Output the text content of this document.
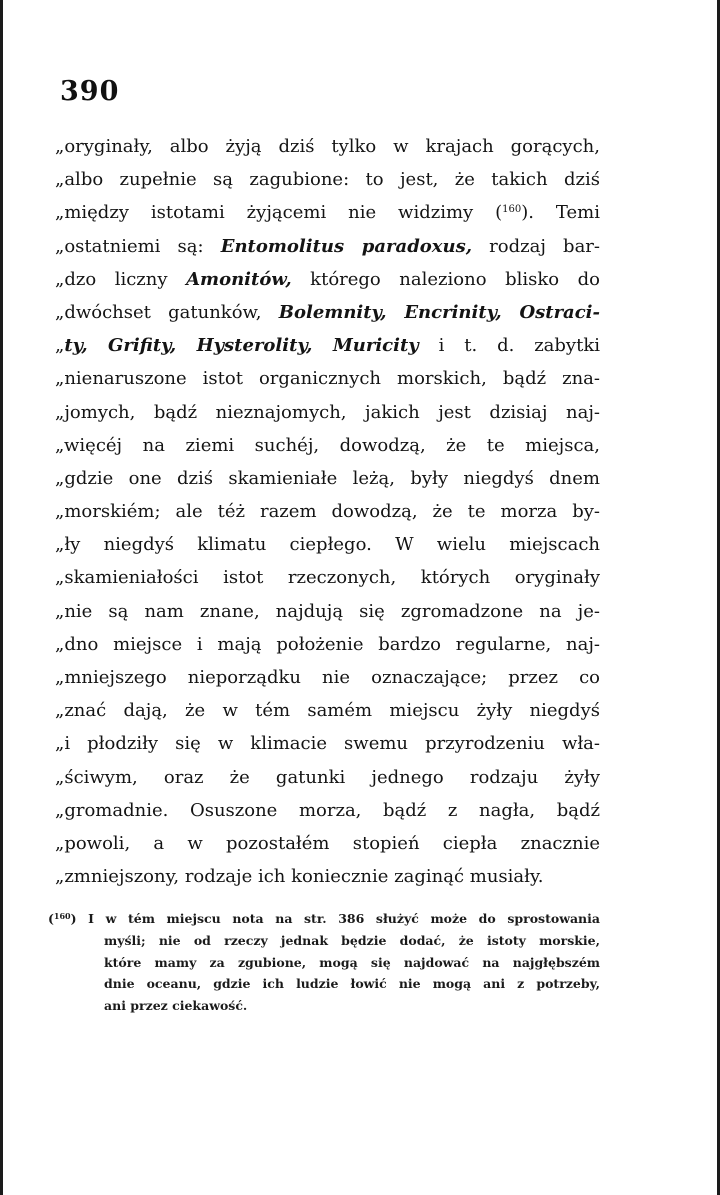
390
„oryginały, albo żyją dziś tylko w krajach gorących,
„albo zupełnie są zagubione: to jest, że takich dziś
„między istotami żyjącemi nie widzimy ($^{160}$). Temi
„ostatniemi są: Entomolitus paradoxus, rodzaj bar-
„dzo liczny Amonitów, którego naleziono blisko do
„dwóchset gatunków, Bolemnity, Encrinity, Ostraci-
„ty, Grifity, Hysterolity, Muricity i t. d. zabytki
„nienaruszone istot organicznych morskich, bądź zna-
„jomych, bądź nieznajomych, jakich jest dzisiaj naj-
„więcéj na ziemi suchéj, dowodzą, że te miejsca,
„gdzie one dziś skamieniałe leżą, były niegdyś dnem
„morskiém; ale téż razem dowodzą, że te morza by-
„ły niegdyś klimatu ciepłego. W wielu miejscach
„skamieniałości istot rzeczonych, których oryginały
„nie są nam znane, najdują się zgromadzone na je-
„dno miejsce i mają położenie bardzo regularne, naj-
„mniejszego nieporządku nie oznaczające; przez co
„znać dają, że w tém samém miejscu żyły niegdyś
„i płodziły się w klimacie swemu przyrodzeniu wła-
„ściwym, oraz że gatunki jednego rodzaju żyły
„gromadnie. Osuszone morza, bądź z nagła, bądź
„powoli, a w pozostałém stopień ciepła znacznie
„zmniejszony, rodzaje ich koniecznie zaginąć musiały.
($^{160}$) I w tém miejscu nota na str. 386 służyć może do sprostowania
myśli; nie od rzeczy jednak będzie dodać, że istoty morskie,
które mamy za zgubione, mogą się najdować na najgłębszém
dnie oceanu, gdzie ich ludzie łowić nie mogą ani z potrzeby,
ani przez ciekawość.
